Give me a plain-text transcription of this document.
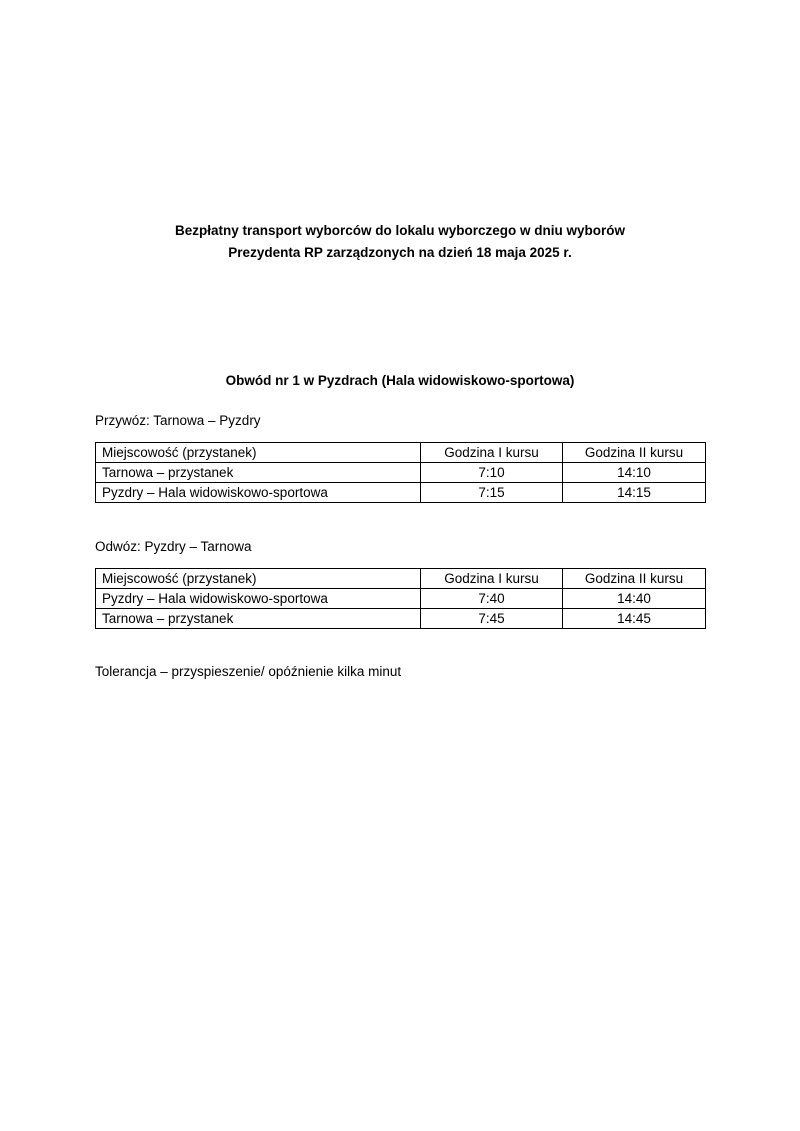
Bezpłatny transport wyborców do lokalu wyborczego w dniu wyborów
Prezydenta RP zarządzonych na dzień 18 maja 2025 r.
Obwód nr 1 w Pyzdrach (Hala widowiskowo-sportowa)
Przywóz: Tarnowa – Pyzdry
Miejscowość (przystanek)	Godzina I kursu	Godzina II kursu
Tarnowa – przystanek	7:10	14:10
Pyzdry – Hala widowiskowo-sportowa	7:15	14:15
Odwóz: Pyzdry – Tarnowa
Miejscowość (przystanek)	Godzina I kursu	Godzina II kursu
Pyzdry – Hala widowiskowo-sportowa	7:40	14:40
Tarnowa – przystanek	7:45	14:45
Tolerancja – przyspieszenie/ opóźnienie kilka minut
